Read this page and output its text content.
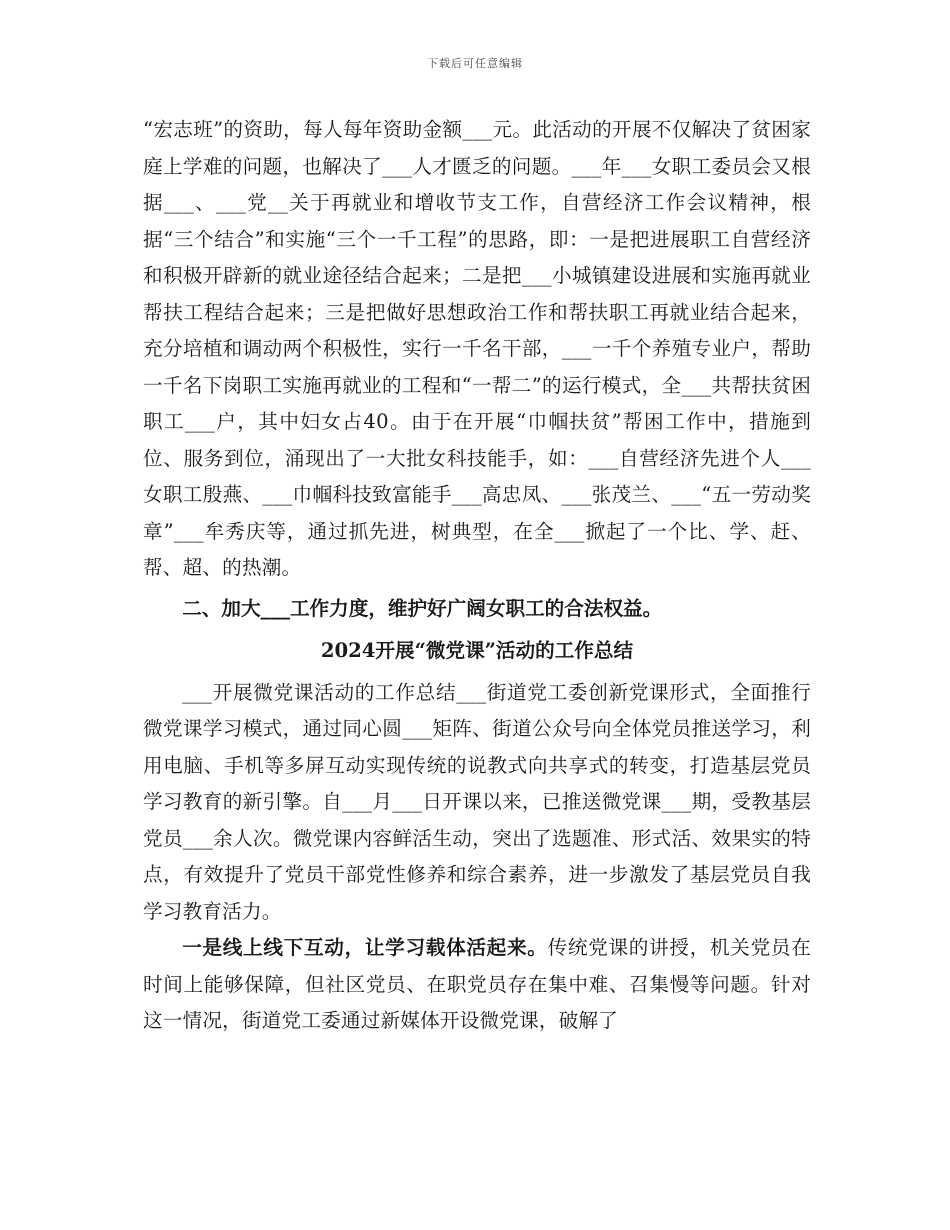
下载后可任意编辑

“宏志班”的资助，每人每年资助金额___元。此活动的开展不仅解决了贫困家庭上学难的问题，也解决了___人才匮乏的问题。___年___女职工委员会又根据___、___党__关于再就业和增收节支工作，自营经济工作会议精神，根据“三个结合”和实施“三个一千工程”的思路，即：一是把进展职工自营经济和积极开辟新的就业途径结合起来；二是把___小城镇建设进展和实施再就业帮扶工程结合起来；三是把做好思想政治工作和帮扶职工再就业结合起来，充分培植和调动两个积极性，实行一千名干部，___一千个养殖专业户，帮助一千名下岗职工实施再就业的工程和“一帮二”的运行模式，全___共帮扶贫困职工___户，其中妇女占40。由于在开展“巾帼扶贫”帮困工作中，措施到位、服务到位，涌现出了一大批女科技能手，如：___自营经济先进个人___女职工殷燕、___巾帼科技致富能手___高忠凤、___张茂兰、___“五一劳动奖章”___牟秀庆等，通过抓先进，树典型，在全___掀起了一个比、学、赶、帮、超、的热潮。

二、加大___工作力度，维护好广阔女职工的合法权益。

2024开展“微党课”活动的工作总结

___开展微党课活动的工作总结___街道党工委创新党课形式，全面推行微党课学习模式，通过同心圆___矩阵、街道公众号向全体党员推送学习，利用电脑、手机等多屏互动实现传统的说教式向共享式的转变，打造基层党员学习教育的新引擎。自___月___日开课以来，已推送微党课___期，受教基层党员___余人次。微党课内容鲜活生动，突出了选题准、形式活、效果实的特点，有效提升了党员干部党性修养和综合素养，进一步激发了基层党员自我学习教育活力。

一是线上线下互动，让学习载体活起来。传统党课的讲授，机关党员在时间上能够保障，但社区党员、在职党员存在集中难、召集慢等问题。针对这一情况，街道党工委通过新媒体开设微党课，破解了
